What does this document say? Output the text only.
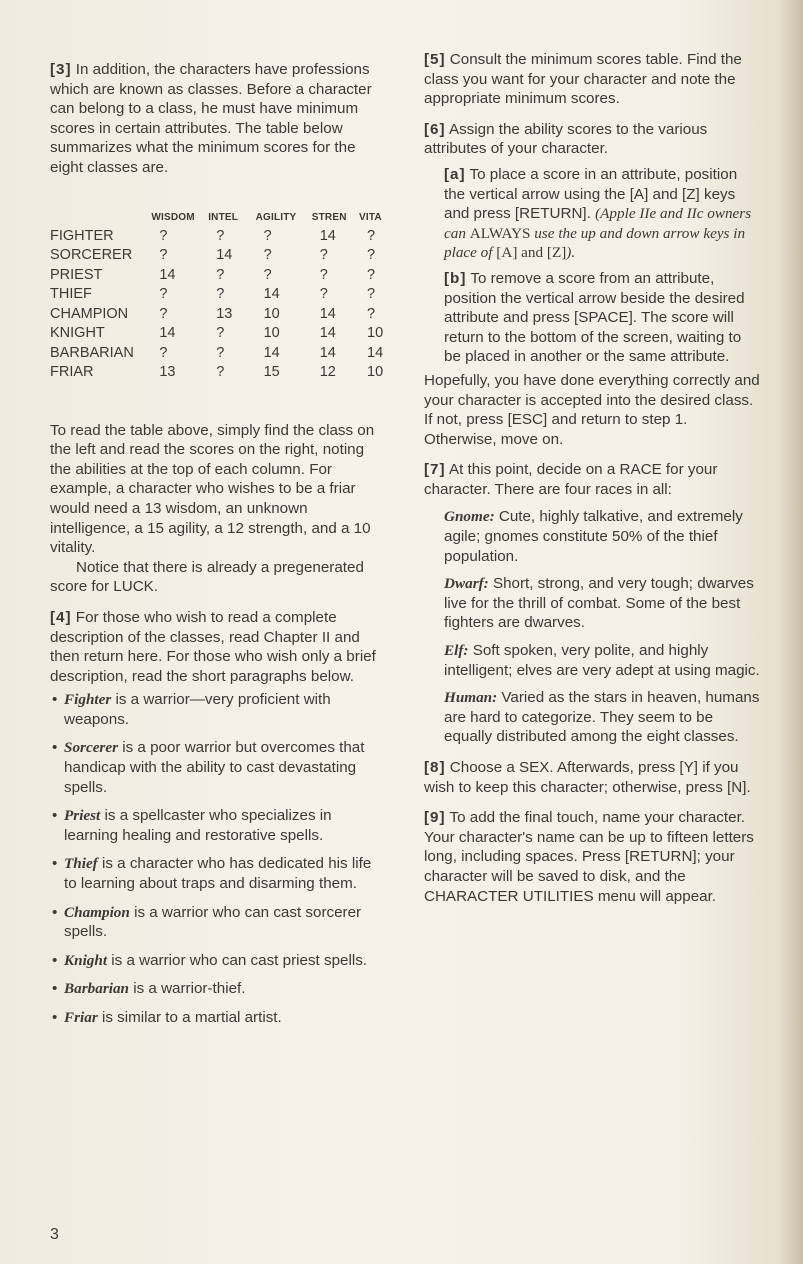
[3] In addition, the characters have professions which are known as classes. Before a character can belong to a class, he must have minimum scores in certain attributes. The table below summarizes what the minimum scores for the eight classes are.

	WISDOM	INTEL	AGILITY	STREN	VITA
FIGHTER	?	?	?	14	?
SORCERER	?	14	?	?	?
PRIEST	14	?	?	?	?
THIEF	?	?	14	?	?
CHAMPION	?	13	10	14	?
KNIGHT	14	?	10	14	10
BARBARIAN	?	?	14	14	14
FRIAR	13	?	15	12	10

To read the table above, simply find the class on the left and read the scores on the right, noting the abilities at the top of each column. For example, a character who wishes to be a friar would need a 13 wisdom, an unknown intelligence, a 15 agility, a 12 strength, and a 10 vitality.

Notice that there is already a pregenerated score for LUCK.

[4] For those who wish to read a complete description of the classes, read Chapter II and then return here. For those who wish only a brief description, read the short paragraphs below.

• Fighter is a warrior—very proficient with weapons.
• Sorcerer is a poor warrior but overcomes that handicap with the ability to cast devastating spells.
• Priest is a spellcaster who specializes in learning healing and restorative spells.
• Thief is a character who has dedicated his life to learning about traps and disarming them.
• Champion is a warrior who can cast sorcerer spells.
• Knight is a warrior who can cast priest spells.
• Barbarian is a warrior-thief.
• Friar is similar to a martial artist.

[5] Consult the minimum scores table. Find the class you want for your character and note the appropriate minimum scores.

[6] Assign the ability scores to the various attributes of your character.

[a] To place a score in an attribute, position the vertical arrow using the [A] and [Z] keys and press [RETURN]. (Apple IIe and IIc owners can ALWAYS use the up and down arrow keys in place of [A] and [Z]).

[b] To remove a score from an attribute, position the vertical arrow beside the desired attribute and press [SPACE]. The score will return to the bottom of the screen, waiting to be placed in another or the same attribute.

Hopefully, you have done everything correctly and your character is accepted into the desired class. If not, press [ESC] and return to step 1. Otherwise, move on.

[7] At this point, decide on a RACE for your character. There are four races in all:

Gnome: Cute, highly talkative, and extremely agile; gnomes constitute 50% of the thief population.

Dwarf: Short, strong, and very tough; dwarves live for the thrill of combat. Some of the best fighters are dwarves.

Elf: Soft spoken, very polite, and highly intelligent; elves are very adept at using magic.

Human: Varied as the stars in heaven, humans are hard to categorize. They seem to be equally distributed among the eight classes.

[8] Choose a SEX. Afterwards, press [Y] if you wish to keep this character; otherwise, press [N].

[9] To add the final touch, name your character. Your character's name can be up to fifteen letters long, including spaces. Press [RETURN]; your character will be saved to disk, and the CHARACTER UTILITIES menu will appear.

3
